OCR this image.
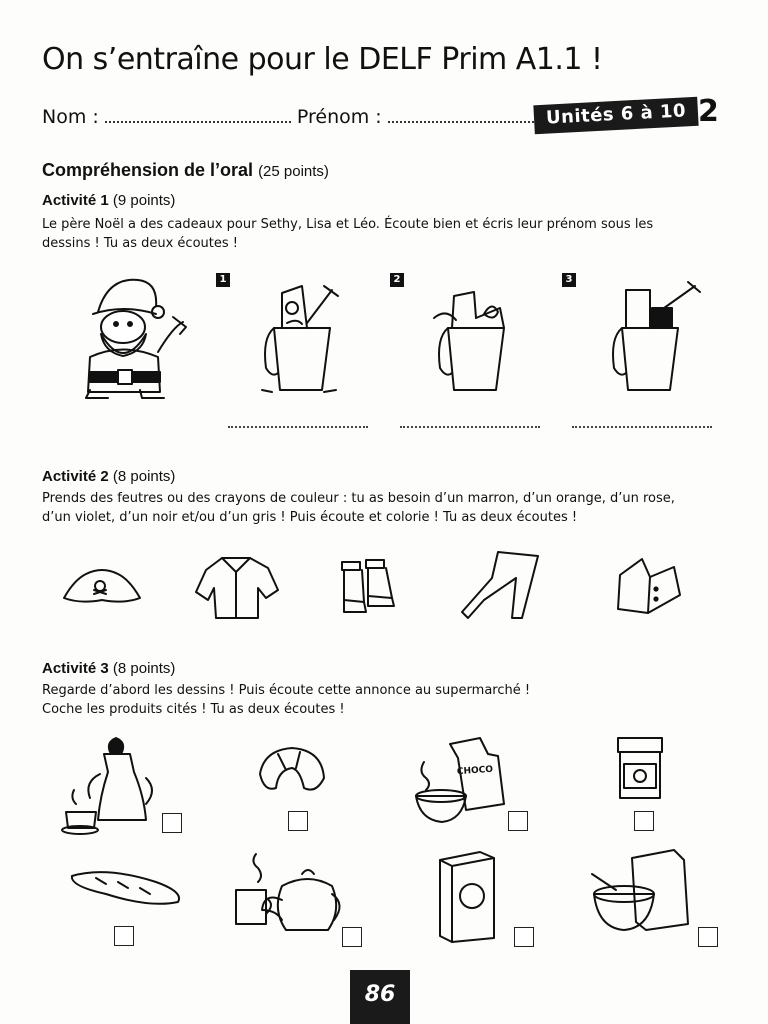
On s’entraîne pour le DELF Prim A1.1 !
Nom :	Prénom :	Unités 6 à 10 2
Compréhension de l’oral (25 points)
Activité 1 (9 points)
Le père Noël a des cadeaux pour Sethy, Lisa et Léo. Écoute bien et écris leur prénom sous les
dessins ! Tu as deux écoutes !
1	2	3
Activité 2 (8 points)
Prends des feutres ou des crayons de couleur : tu as besoin d’un marron, d’un orange, d’un rose,
d’un violet, d’un noir et/ou d’un gris ! Puis écoute et colorie ! Tu as deux écoutes !
Activité 3 (8 points)
Regarde d’abord les dessins ! Puis écoute cette annonce au supermarché !
Coche les produits cités ! Tu as deux écoutes !
CHOCO
86
